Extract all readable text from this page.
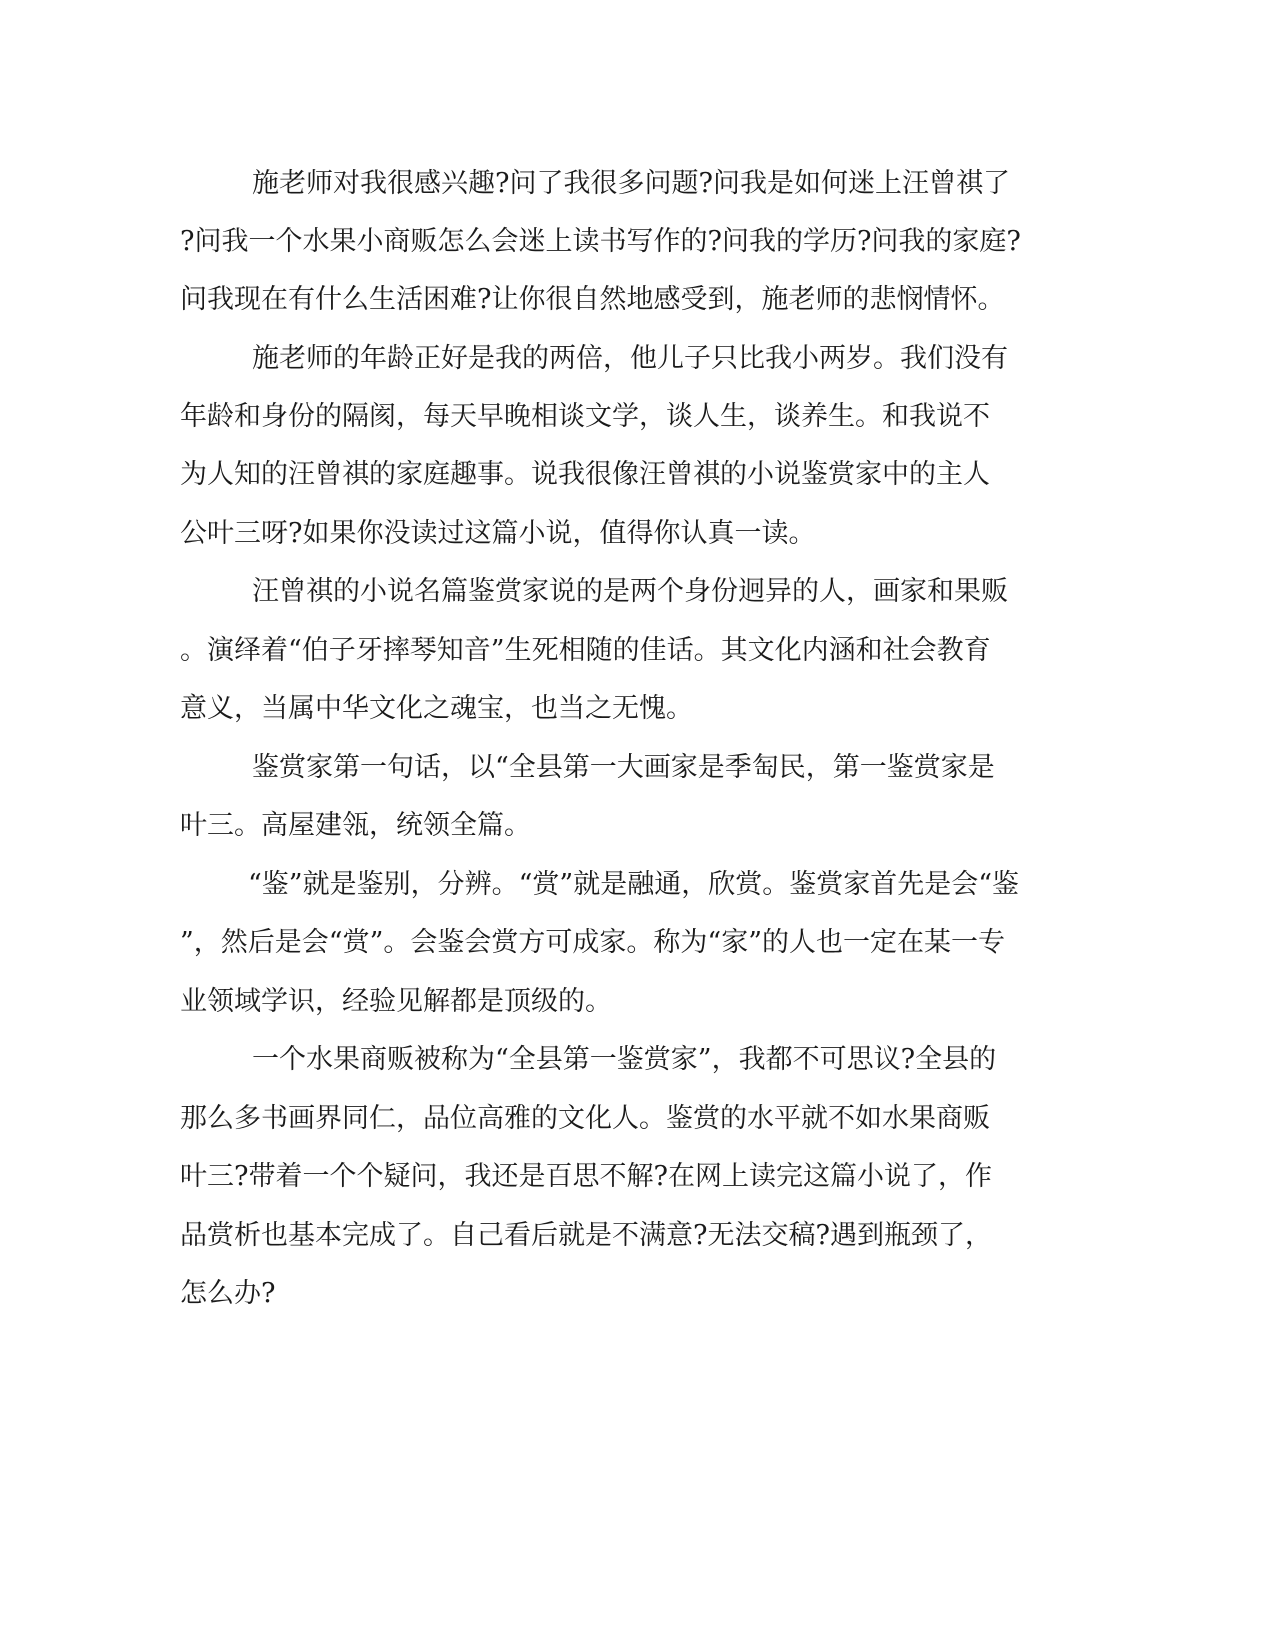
施老师对我很感兴趣?问了我很多问题?问我是如何迷上汪曾祺了
?问我一个水果小商贩怎么会迷上读书写作的?问我的学历?问我的家庭?
问我现在有什么生活困难?让你很自然地感受到，施老师的悲悯情怀。
施老师的年龄正好是我的两倍，他儿子只比我小两岁。我们没有
年龄和身份的隔阂，每天早晚相谈文学，谈人生，谈养生。和我说不
为人知的汪曾祺的家庭趣事。说我很像汪曾祺的小说鉴赏家中的主人
公叶三呀?如果你没读过这篇小说，值得你认真一读。
汪曾祺的小说名篇鉴赏家说的是两个身份迥异的人，画家和果贩
。演绎着“伯子牙摔琴知音”生死相随的佳话。其文化内涵和社会教育
意义，当属中华文化之魂宝，也当之无愧。
鉴赏家第一句话，以“全县第一大画家是季匋民，第一鉴赏家是
叶三。高屋建瓴，统领全篇。
“鉴”就是鉴别，分辨。“赏”就是融通，欣赏。鉴赏家首先是会“鉴
”，然后是会“赏”。会鉴会赏方可成家。称为“家”的人也一定在某一专
业领域学识，经验见解都是顶级的。
一个水果商贩被称为“全县第一鉴赏家”，我都不可思议?全县的
那么多书画界同仁，品位高雅的文化人。鉴赏的水平就不如水果商贩
叶三?带着一个个疑问，我还是百思不解?在网上读完这篇小说了，作
品赏析也基本完成了。自己看后就是不满意?无法交稿?遇到瓶颈了，
怎么办?
